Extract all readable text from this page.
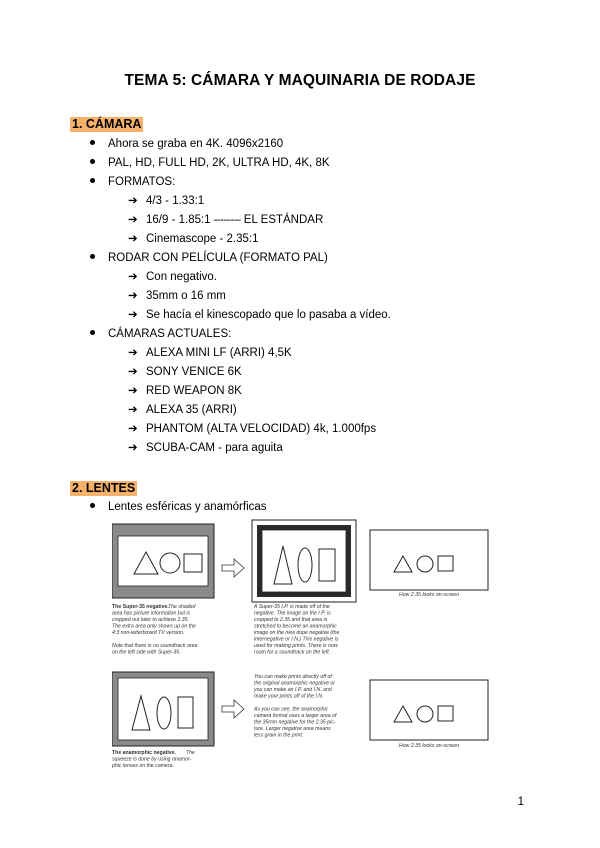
TEMA 5: CÁMARA Y MAQUINARIA DE RODAJE
1. CÁMARA
Ahora se graba en 4K. 4096x2160
PAL, HD, FULL HD, 2K, ULTRA HD, 4K, 8K
FORMATOS:
➔ 4/3 - 1.33:1
➔ 16/9 - 1.85:1 –-–-– EL ESTÁNDAR
➔ Cinemascope - 2.35:1
RODAR CON PELÍCULA (FORMATO PAL)
➔ Con negativo.
➔ 35mm o 16 mm
➔ Se hacía el kinescopado que lo pasaba a vídeo.
CÁMARAS ACTUALES:
➔ ALEXA MINI LF (ARRI) 4,5K
➔ SONY VENICE 6K
➔ RED WEAPON 8K
➔ ALEXA 35 (ARRI)
➔ PHANTOM (ALTA VELOCIDAD) 4k, 1.000fps
➔ SCUBA-CAM - para aguita
2. LENTES
Lentes esféricas y anamórficas
How 2.35 looks on-screen
The Super-35 negative. The shaded area has picture information but is cropped out later to achieve 2.35. The extra area only shows up on the 4:3 non-letterboxed TV version. Note that there is no soundtrack area on the left side with Super-35.
A Super-35 I.P. is made off of the negative. The image on the I.P. is cropped to 2.35 and that area is stretched to become an anamorphic image on the new dupe negative (the internegative or I.N.) This negative is used for making prints. There is now room for a soundtrack on the left.
How 2.35 looks on-screen
The anamorphic negative. The squeeze is done by using anamor- phic lenses on the camera.
You can make prints directly off of the original anamorphic negative or you can make an I.P. and I.N. and make your prints off of the I.N. As you can see, the anamorphic camera format uses a larger area of the 35mm negative for the 2.35 pic- ture. Larger negative area means less grain in the print.
1
